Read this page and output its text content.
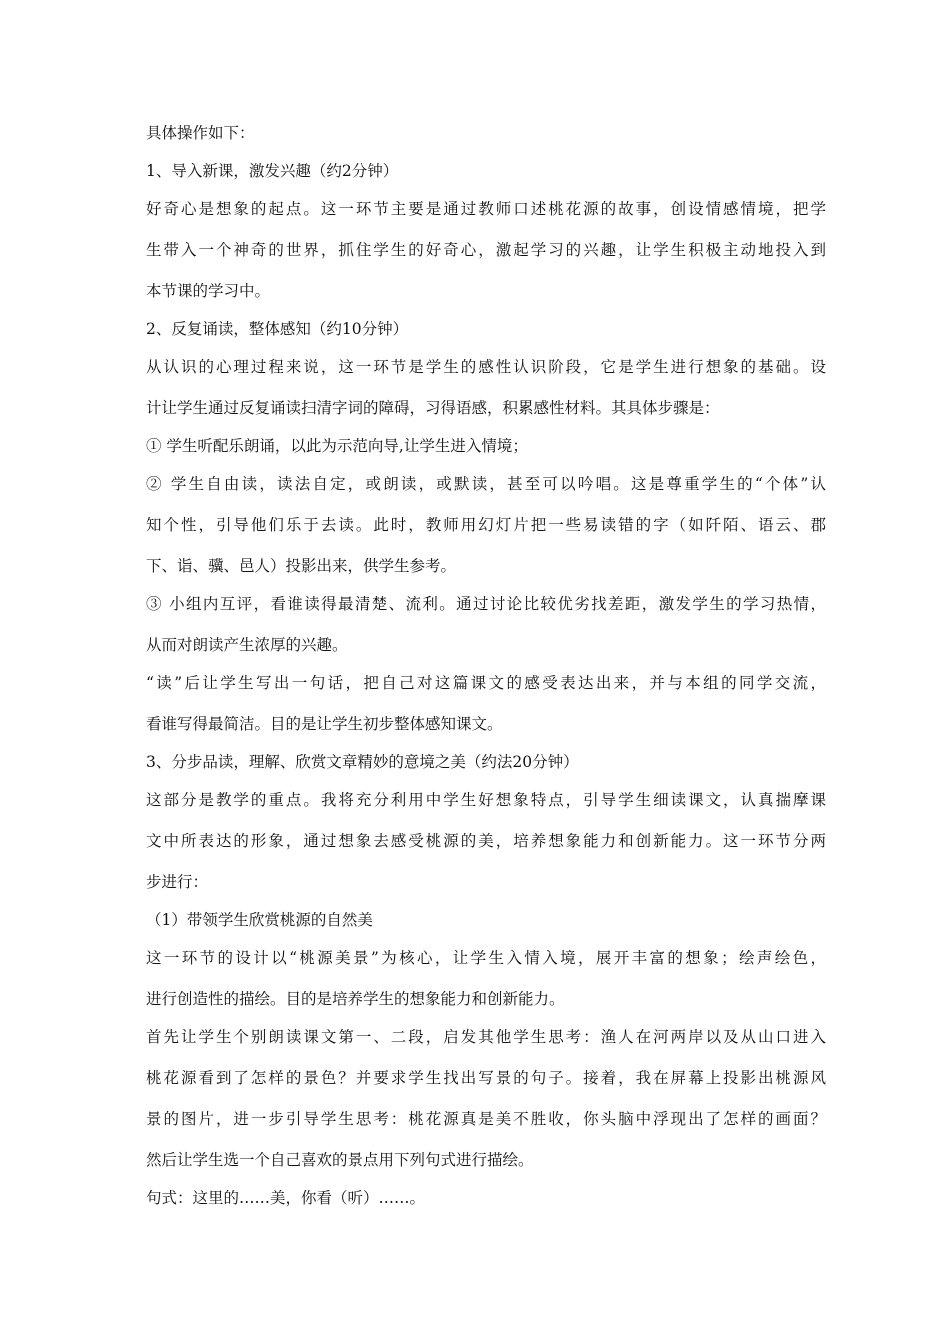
具体操作如下：
1、导入新课，激发兴趣（约2分钟）
好奇心是想象的起点。这一环节主要是通过教师口述桃花源的故事，创设情感情境，把学
生带入一个神奇的世界，抓住学生的好奇心，激起学习的兴趣，让学生积极主动地投入到
本节课的学习中。
2、反复诵读，整体感知（约10分钟）
从认识的心理过程来说，这一环节是学生的感性认识阶段，它是学生进行想象的基础。设
计让学生通过反复诵读扫清字词的障碍，习得语感，积累感性材料。其具体步骤是：
① 学生听配乐朗诵，以此为示范向导,让学生进入情境；
② 学生自由读，读法自定，或朗读，或默读，甚至可以吟唱。这是尊重学生的“个体”认
知个性，引导他们乐于去读。此时，教师用幻灯片把一些易读错的字（如阡陌、语云、郡
下、诣、骥、邑人）投影出来，供学生参考。
③ 小组内互评，看谁读得最清楚、流利。通过讨论比较优劣找差距，激发学生的学习热情，
从而对朗读产生浓厚的兴趣。
“读”后让学生写出一句话，把自己对这篇课文的感受表达出来，并与本组的同学交流，
看谁写得最简洁。目的是让学生初步整体感知课文。
3、分步品读，理解、欣赏文章精妙的意境之美（约法20分钟）
这部分是教学的重点。我将充分利用中学生好想象特点，引导学生细读课文，认真揣摩课
文中所表达的形象，通过想象去感受桃源的美，培养想象能力和创新能力。这一环节分两
步进行：
（1）带领学生欣赏桃源的自然美
这一环节的设计以“桃源美景”为核心，让学生入情入境，展开丰富的想象；绘声绘色，
进行创造性的描绘。目的是培养学生的想象能力和创新能力。
首先让学生个别朗读课文第一、二段，启发其他学生思考：渔人在河两岸以及从山口进入
桃花源看到了怎样的景色？并要求学生找出写景的句子。接着，我在屏幕上投影出桃源风
景的图片，进一步引导学生思考：桃花源真是美不胜收，你头脑中浮现出了怎样的画面？
然后让学生选一个自己喜欢的景点用下列句式进行描绘。
句式：这里的……美，你看（听）……。
